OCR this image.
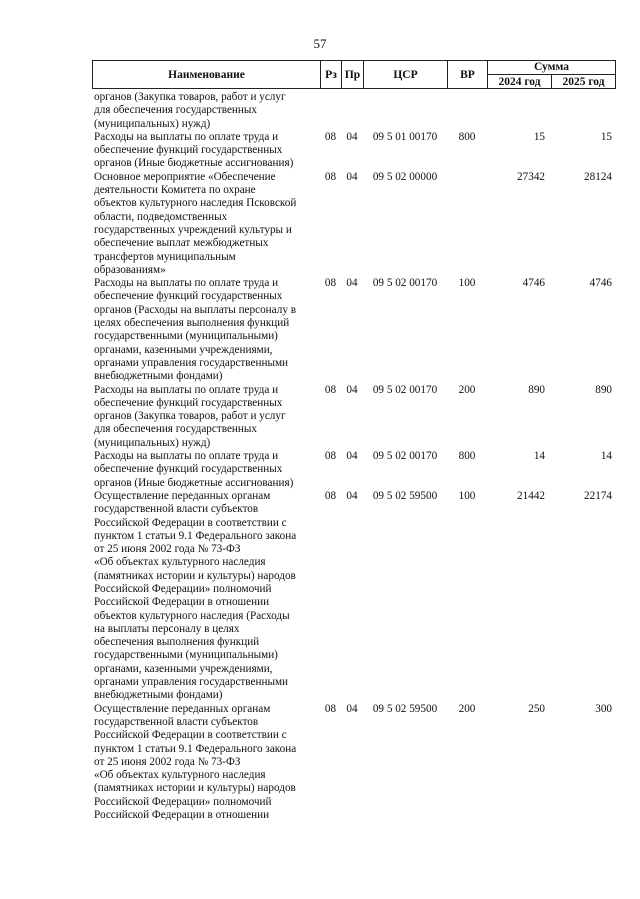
57
Наименование	Рз Пр	ЦСР	ВР
Сумма
2024 год	2025 год
органов (Закупка товаров, работ и услуг
для обеспечения государственных
(муниципальных) нужд)
Расходы на выплаты по оплате труда и
обеспечение функций государственных
органов (Иные бюджетные ассигнования)
08 04	09 5 01 00170	800	15	15
Основное мероприятие «Обеспечение
деятельности Комитета по охране
объектов культурного наследия Псковской
области, подведомственных
государственных учреждений культуры и
обеспечение выплат межбюджетных
трансфертов муниципальным
образованиям»
08 04	09 5 02 00000	27342	28124
Расходы на выплаты по оплате труда и
обеспечение функций государственных
органов (Расходы на выплаты персоналу в
целях обеспечения выполнения функций
государственными (муниципальными)
органами, казенными учреждениями,
органами управления государственными
внебюджетными фондами)
08 04	09 5 02 00170	100	4746	4746
Расходы на выплаты по оплате труда и
обеспечение функций государственных
органов (Закупка товаров, работ и услуг
для обеспечения государственных
(муниципальных) нужд)
08 04	09 5 02 00170	200	890	890
Расходы на выплаты по оплате труда и
обеспечение функций государственных
органов (Иные бюджетные ассигнования)
08 04	09 5 02 00170	800	14	14
Осуществление переданных органам
государственной власти субъектов
Российской Федерации в соответствии с
пунктом 1 статьи 9.1 Федерального закона
от 25 июня 2002 года № 73-ФЗ
«Об объектах культурного наследия
(памятниках истории и культуры) народов
Российской Федерации» полномочий
Российской Федерации в отношении
объектов культурного наследия (Расходы
на выплаты персоналу в целях
обеспечения выполнения функций
государственными (муниципальными)
органами, казенными учреждениями,
органами управления государственными
внебюджетными фондами)
08 04	09 5 02 59500	100	21442	22174
Осуществление переданных органам
государственной власти субъектов
Российской Федерации в соответствии с
пунктом 1 статьи 9.1 Федерального закона
от 25 июня 2002 года № 73-ФЗ
«Об объектах культурного наследия
(памятниках истории и культуры) народов
Российской Федерации» полномочий
Российской Федерации в отношении
08 04	09 5 02 59500	200	250	300
